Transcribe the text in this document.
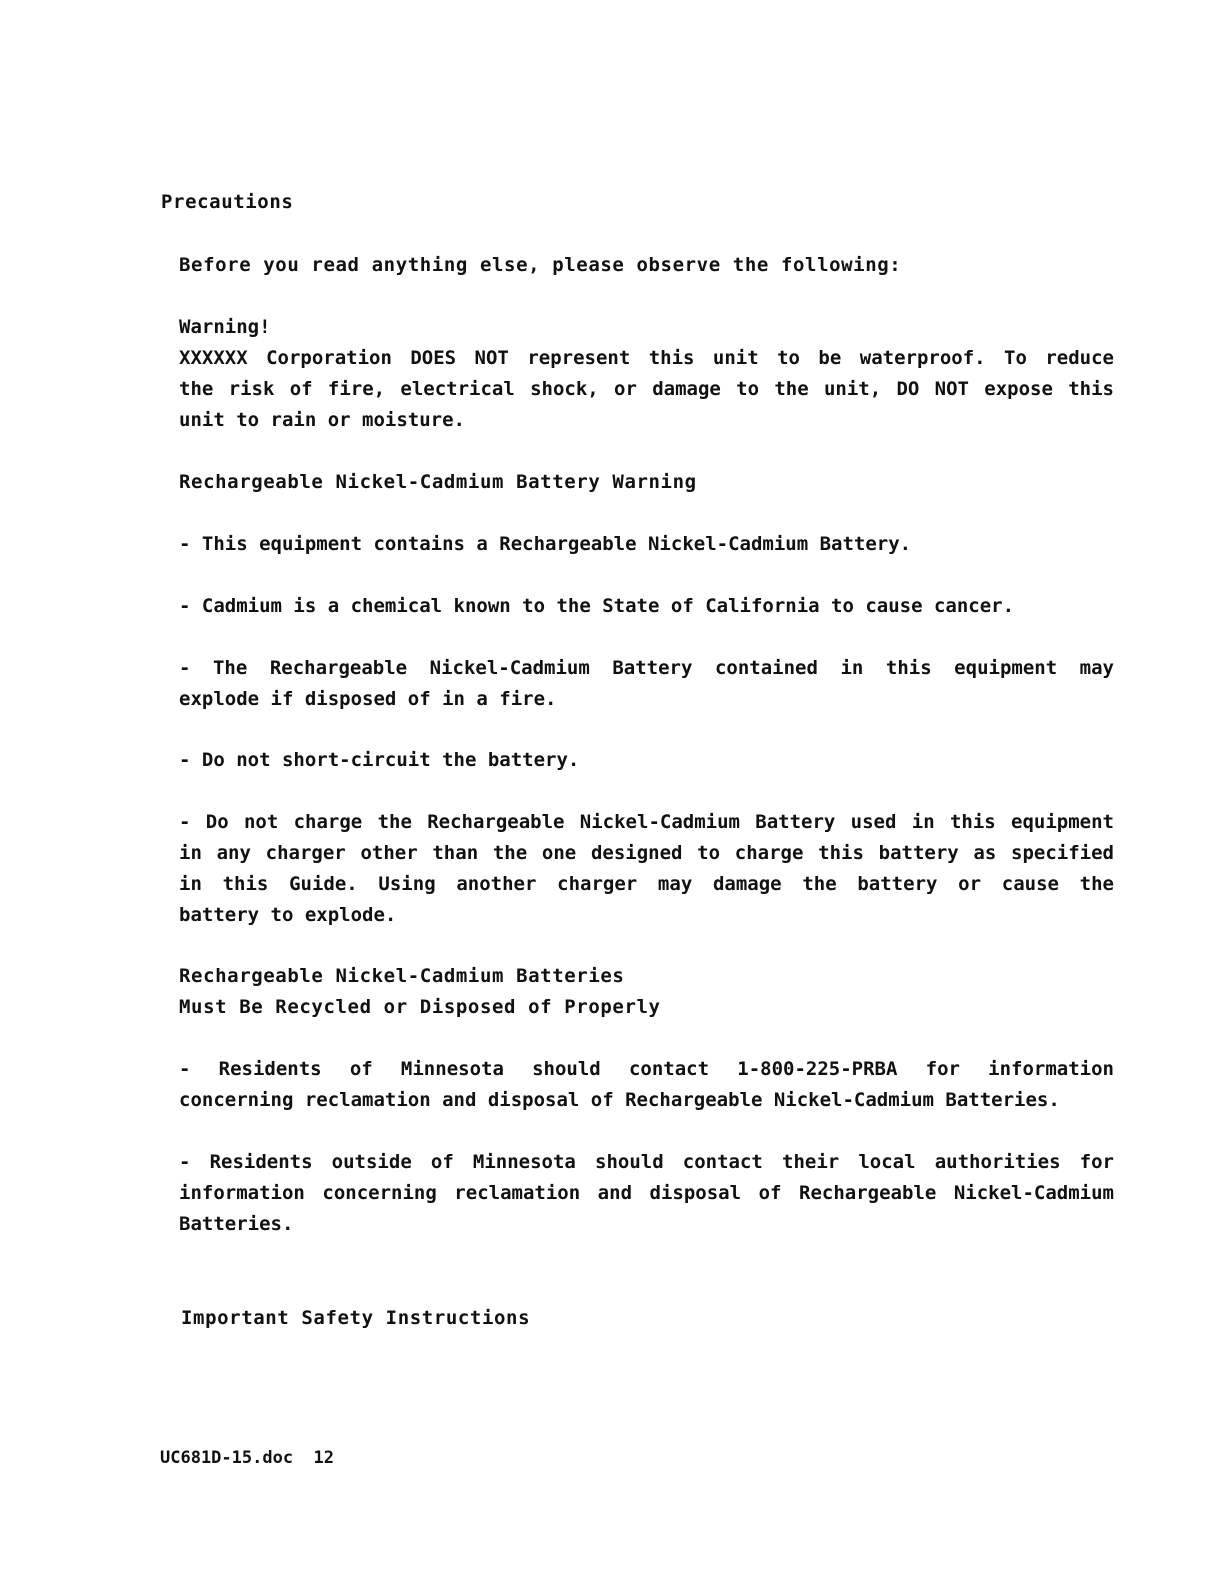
Precautions

Before you read anything else, please observe the following:

Warning!

XXXXXX Corporation DOES NOT represent this unit to be waterproof. To reduce
the risk of fire, electrical shock, or damage to the unit, DO NOT expose this
unit to rain or moisture.

Rechargeable Nickel-Cadmium Battery Warning

- This equipment contains a Rechargeable Nickel-Cadmium Battery.
- Cadmium is a chemical known to the State of California to cause cancer.
- The Rechargeable Nickel-Cadmium Battery contained in this equipment may
explode if disposed of in a fire.
- Do not short-circuit the battery.
- Do not charge the Rechargeable Nickel-Cadmium Battery used in this equipment
in any charger other than the one designed to charge this battery as specified
in this Guide. Using another charger may damage the battery or cause the
battery to explode.
Rechargeable Nickel-Cadmium Batteries
Must Be Recycled or Disposed of Properly
- Residents of Minnesota should contact 1-800-225-PRBA for information
concerning reclamation and disposal of Rechargeable Nickel-Cadmium Batteries.
- Residents outside of Minnesota should contact their local authorities for
information concerning reclamation and disposal of Rechargeable Nickel-Cadmium
Batteries.

Important Safety Instructions

UC681D-15.doc 12
